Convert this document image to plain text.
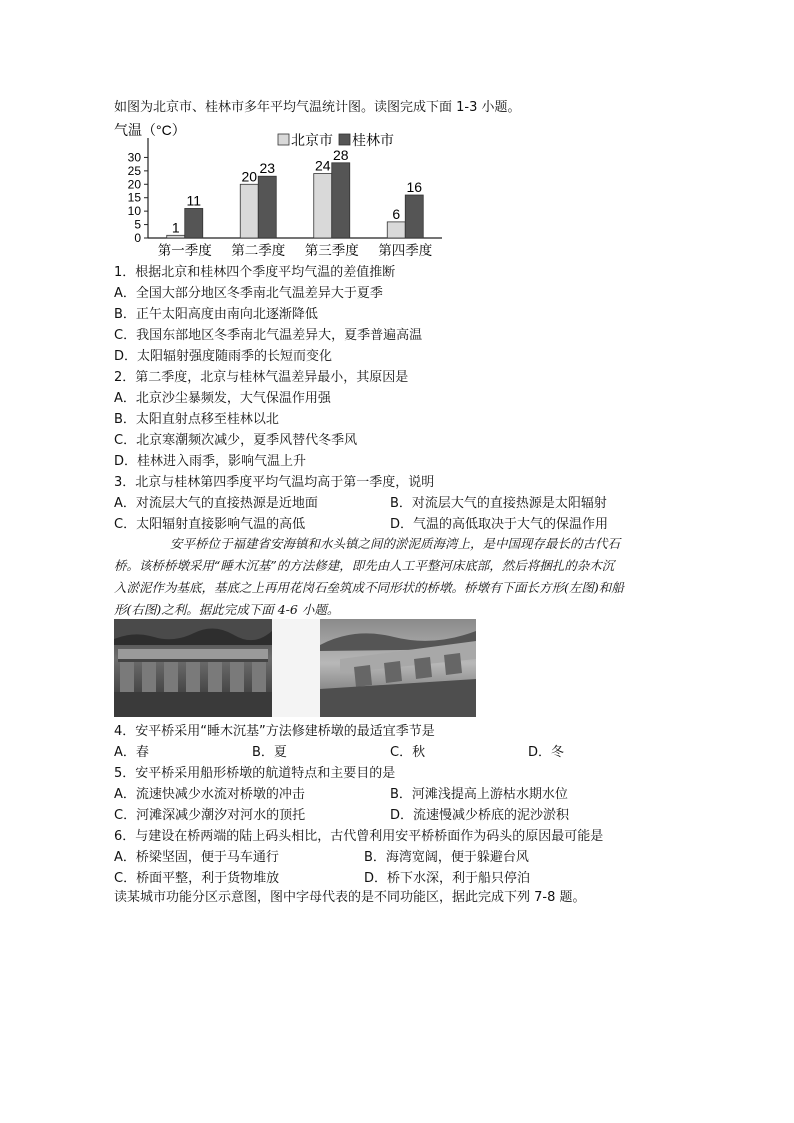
如图为北京市、桂林市多年平均气温统计图。读图完成下面 1-3 小题。
气温（°C）
北京市 桂林市
0
5
10
15
20
25
30
1
11
第一季度
20
23
第二季度
24
28
第三季度
6
16
第四季度
1．根据北京和桂林四个季度平均气温的差值推断
A．全国大部分地区冬季南北气温差异大于夏季
B．正午太阳高度由南向北逐渐降低
C．我国东部地区冬季南北气温差异大，夏季普遍高温
D．太阳辐射强度随雨季的长短而变化
2．第二季度，北京与桂林气温差异最小，其原因是
A．北京沙尘暴频发，大气保温作用强
B．太阳直射点移至桂林以北
C．北京寒潮频次减少，夏季风替代冬季风
D．桂林进入雨季，影响气温上升
3．北京与桂林第四季度平均气温均高于第一季度，说明
A．对流层大气的直接热源是近地面	B．对流层大气的直接热源是太阳辐射
C．太阳辐射直接影响气温的高低	D．气温的高低取决于大气的保温作用

安平桥位于福建省安海镇和水头镇之间的淤泥质海湾上，是中国现存最长的古代石

桥。该桥桥墩采用“睡木沉基”的方法修建，即先由人工平整河床底部，然后将捆扎的杂木沉

入淤泥作为基底，基底之上再用花岗石垒筑成不同形状的桥墩。桥墩有下面长方形(左图)和船

形(右图)之利。据此完成下面 4-6 小题。

4．安平桥采用“睡木沉基”方法修建桥墩的最适宜季节是
A．春	B．夏	C．秋	D．冬
5．安平桥采用船形桥墩的航道特点和主要目的是
A．流速快减少水流对桥墩的冲击	B．河滩浅提高上游枯水期水位
C．河滩深减少潮汐对河水的顶托	D．流速慢减少桥底的泥沙淤积
6．与建设在桥两端的陆上码头相比，古代曾利用安平桥桥面作为码头的原因最可能是
A．桥梁坚固，便于马车通行	B．海湾宽阔，便于躲避台风
C．桥面平整，利于货物堆放	D．桥下水深，利于船只停泊
读某城市功能分区示意图，图中字母代表的是不同功能区，据此完成下列 7-8 题。
